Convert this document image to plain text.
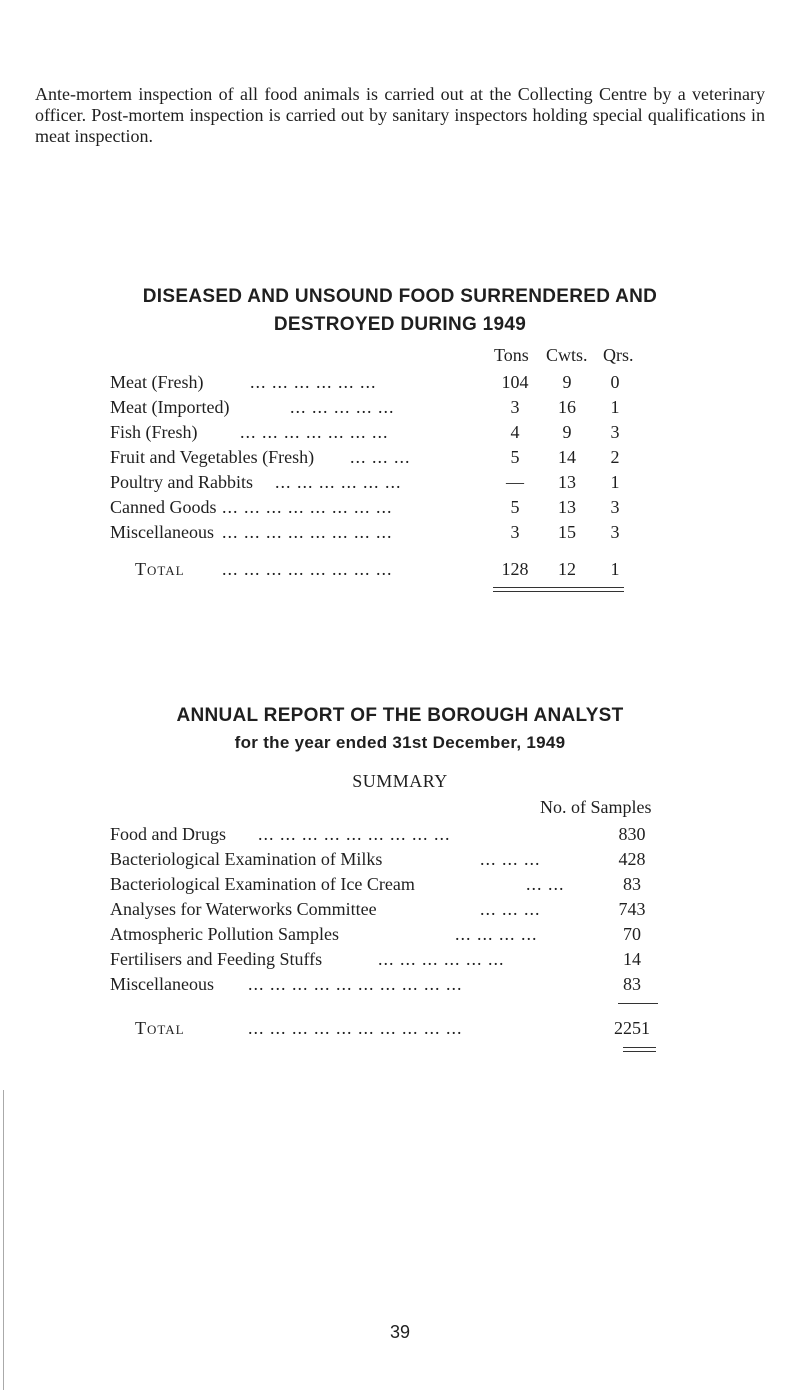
Ante-mortem inspection of all food animals is carried out at the Collecting Centre by a veterinary officer. Post-mortem inspection is carried out by sanitary inspectors holding special qualifications in meat inspection.
DISEASED AND UNSOUND FOOD SURRENDERED AND
DESTROYED DURING 1949
Tons Cwts. Qrs.
Meat (Fresh)	... ... ... ... ... ...	104	9	0
Meat (Imported)	... ... ... ... ...	3	16	1
Fish (Fresh) ... ... ... ... ... ... ...	4	9	3
Fruit and Vegetables (Fresh) ... ... ...	5	14	2
Poultry and Rabbits ... ... ... ... ... ...	—	13	1
Canned Goods ... ... ... ... ... ... ... ...	5	13	3
Miscellaneous ... ... ... ... ... ... ... ...	3	15	3
Total ... ... ... ... ... ... ... ...	128	12	1
ANNUAL REPORT OF THE BOROUGH ANALYST
for the year ended 31st December, 1949
SUMMARY
No. of Samples
Food and Drugs ... ... ... ... ... ... ... ... ...	830
Bacteriological Examination of Milks	... ... ...	428
Bacteriological Examination of Ice Cream	... ...	83
Analyses for Waterworks Committee	... ... ...	743
Atmospheric Pollution Samples	... ... ... ...	70
Fertilisers and Feeding Stuffs	... ... ... ... ... ...	14
Miscellaneous ... ... ... ... ... ... ... ... ... ...	83
Total	... ... ... ... ... ... ... ... ... ...	2251
39
